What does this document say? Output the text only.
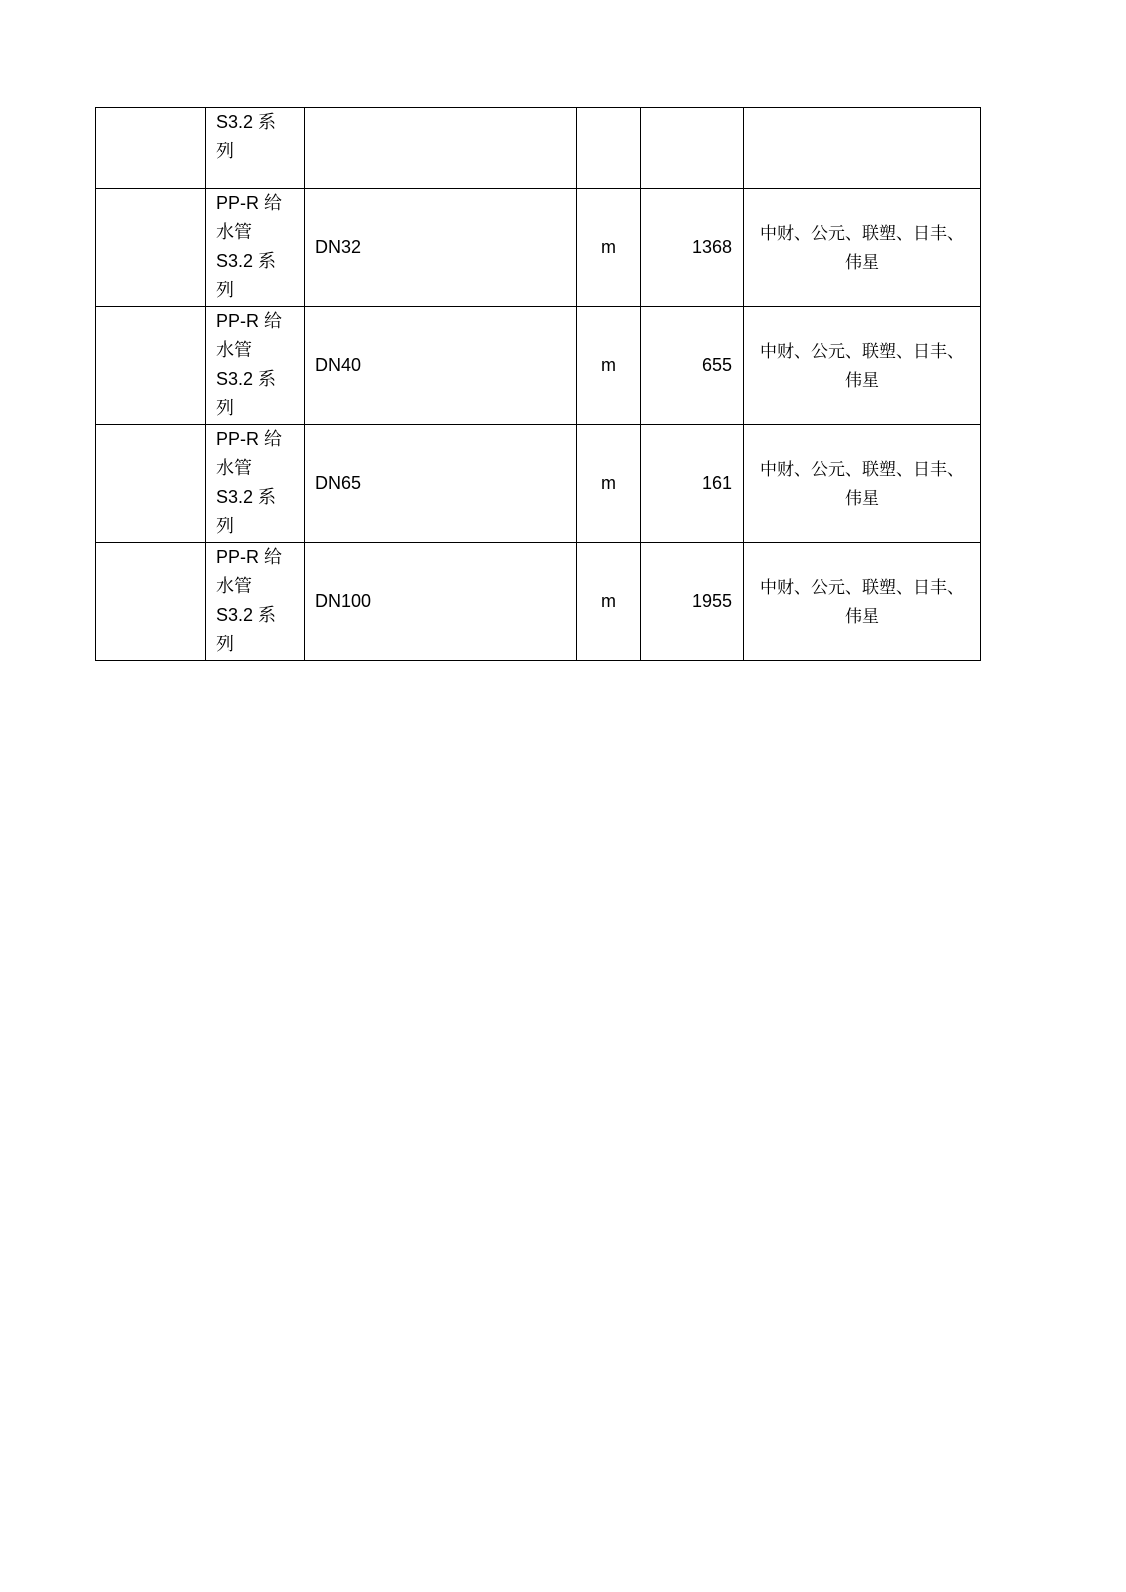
	S3.2 系
列				

	PP-R 给
水管
S3.2 系
列	DN32	m	1368	中财、公元、联塑、日丰、伟星

	PP-R 给
水管
S3.2 系
列	DN40	m	655	中财、公元、联塑、日丰、伟星

	PP-R 给
水管
S3.2 系
列	DN65	m	161	中财、公元、联塑、日丰、伟星

	PP-R 给
水管
S3.2 系
列	DN100	m	1955	中财、公元、联塑、日丰、伟星
